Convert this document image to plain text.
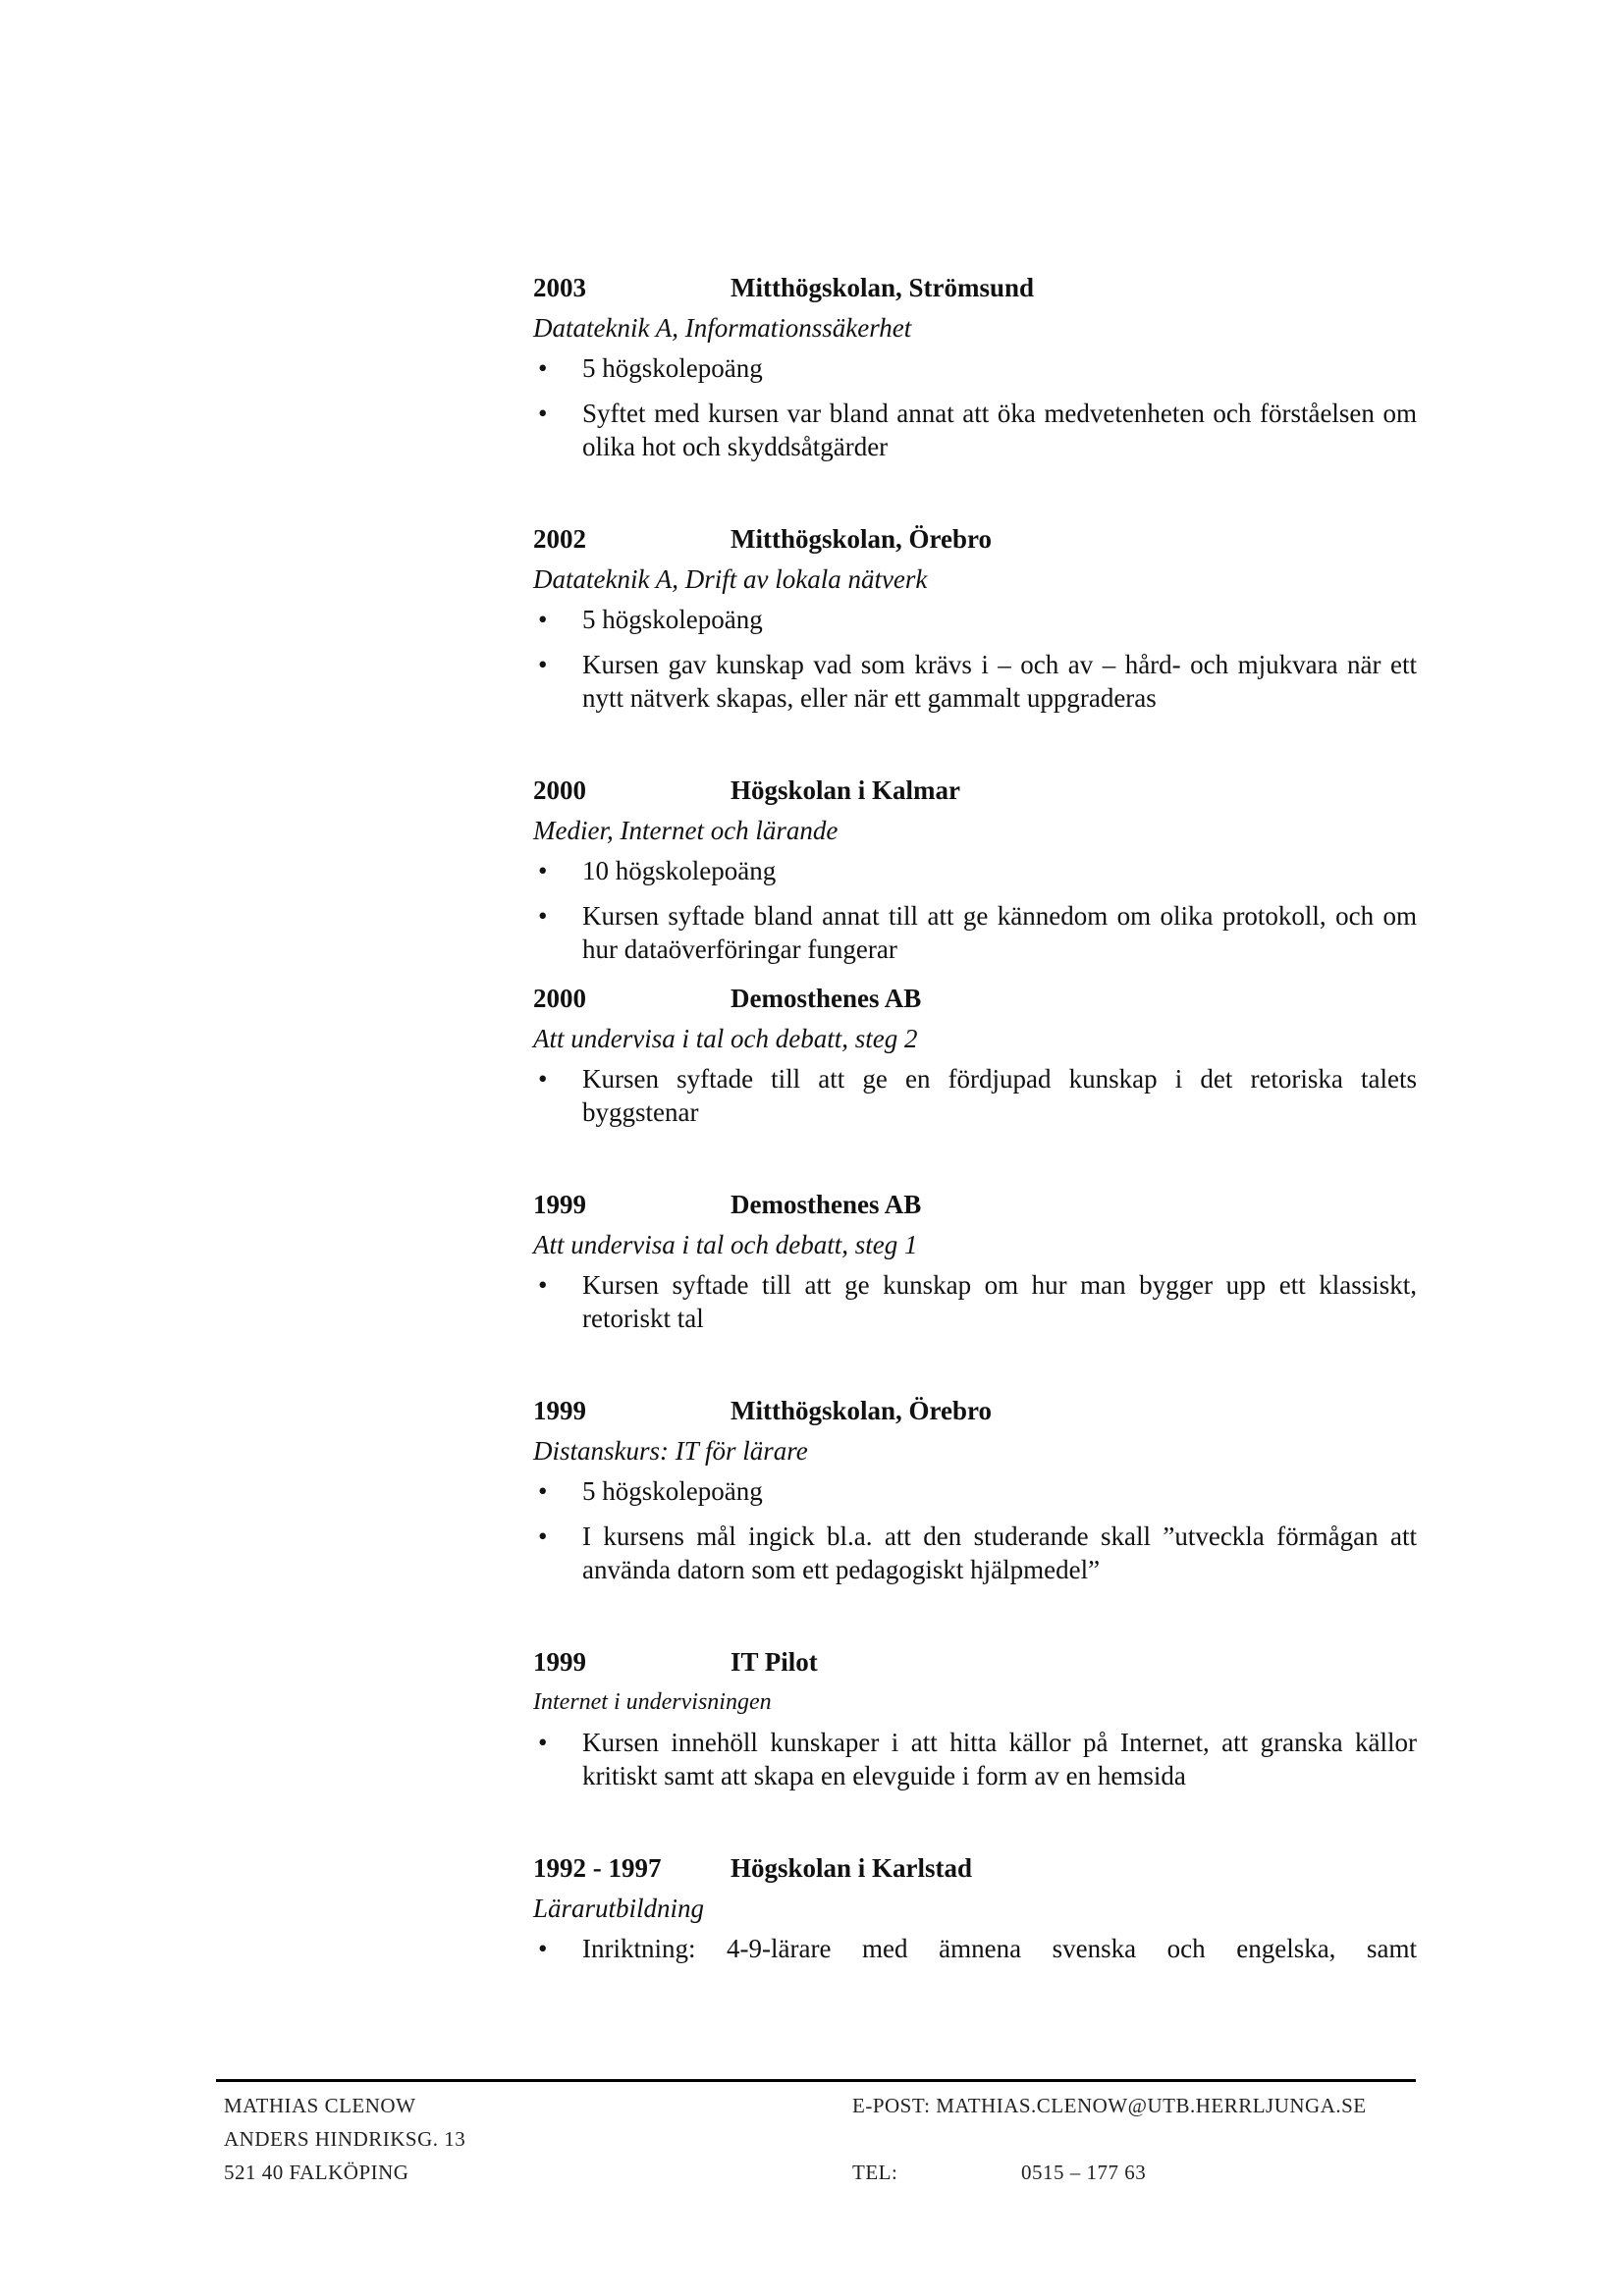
2003	Mitthögskolan, Strömsund
Datateknik A, Informationssäkerhet
• 5 högskolepoäng
• Syftet med kursen var bland annat att öka medvetenheten och förståelsen om olika hot och skyddsåtgärder
2002	Mitthögskolan, Örebro
Datateknik A, Drift av lokala nätverk
• 5 högskolepoäng
• Kursen gav kunskap vad som krävs i – och av – hård- och mjukvara när ett nytt nätverk skapas, eller när ett gammalt uppgraderas
2000	Högskolan i Kalmar
Medier, Internet och lärande
• 10 högskolepoäng
• Kursen syftade bland annat till att ge kännedom om olika protokoll, och om hur dataöverföringar fungerar
2000	Demosthenes AB
Att undervisa i tal och debatt, steg 2
• Kursen syftade till att ge en fördjupad kunskap i det retoriska talets byggstenar
1999	Demosthenes AB
Att undervisa i tal och debatt, steg 1
• Kursen syftade till att ge kunskap om hur man bygger upp ett klassiskt, retoriskt tal
1999	Mitthögskolan, Örebro
Distanskurs: IT för lärare
• 5 högskolepoäng
• I kursens mål ingick bl.a. att den studerande skall ”utveckla förmågan att använda datorn som ett pedagogiskt hjälpmedel”
1999	IT Pilot
Internet i undervisningen
• Kursen innehöll kunskaper i att hitta källor på Internet, att granska källor kritiskt samt att skapa en elevguide i form av en hemsida
1992 - 1997	Högskolan i Karlstad
Lärarutbildning
• Inriktning: 4-9-lärare med ämnena svenska och engelska, samt
MATHIAS CLENOW
ANDERS HINDRIKSG. 13
521 40 FALKÖPING
E-POST: MATHIAS.CLENOW@UTB.HERRLJUNGA.SE
TEL:	0515 – 177 63
